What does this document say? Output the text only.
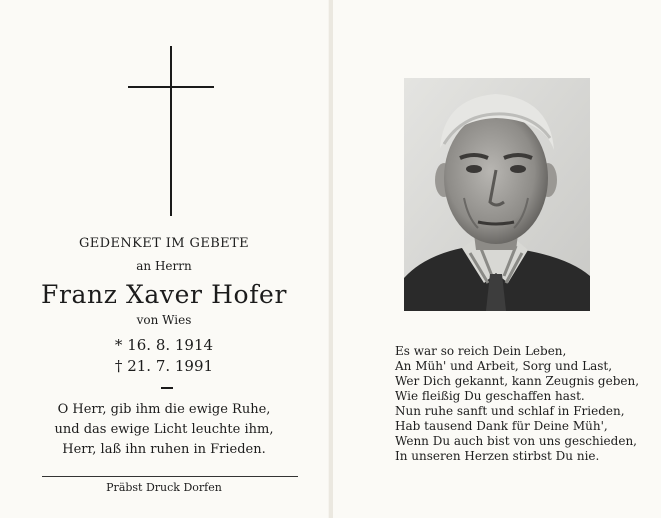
GEDENKET IM GEBETE
an Herrn
Franz Xaver Hofer
von Wies
* 16. 8. 1914
† 21. 7. 1991
O Herr, gib ihm die ewige Ruhe,
und das ewige Licht leuchte ihm,
Herr, laß ihn ruhen in Frieden.
Präbst Druck Dorfen
Es war so reich Dein Leben,
An Müh' und Arbeit, Sorg und Last,
Wer Dich gekannt, kann Zeugnis geben,
Wie fleißig Du geschaffen hast.
Nun ruhe sanft und schlaf in Frieden,
Hab tausend Dank für Deine Müh',
Wenn Du auch bist von uns geschieden,
In unseren Herzen stirbst Du nie.
